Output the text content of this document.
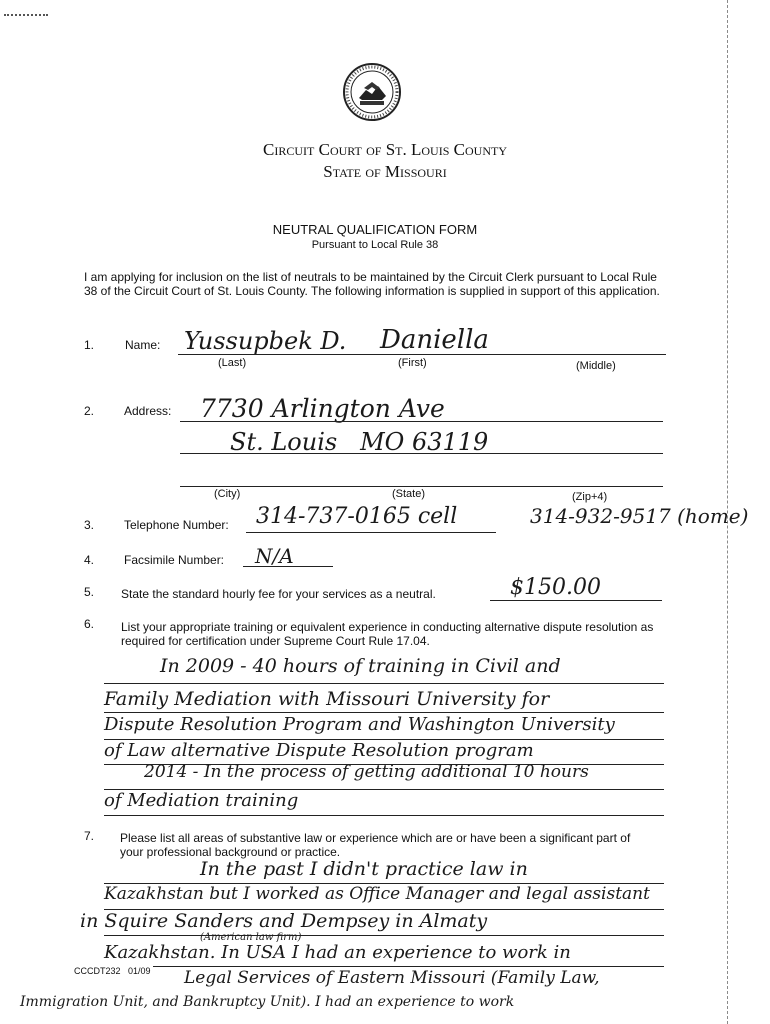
Circuit Court of St. Louis County
State of Missouri
NEUTRAL QUALIFICATION FORM
Pursuant to Local Rule 38
I am applying for inclusion on the list of neutrals to be maintained by the Circuit Clerk pursuant to Local Rule 38 of the Circuit Court of St. Louis County. The following information is supplied in support of this application.
1.	Name: Yussupbek D. Daniella
(Last)	(First)	(Middle)
2. Address: 7730 Arlington Ave
St. Louis   MO 63119
(City)	(State)	(Zip+4)
3. Telephone Number: 314-737-0165 cell	314-932-9517 (home)
4. Facsimile Number: N/A
5. State the standard hourly fee for your services as a neutral.	$150.00
6. List your appropriate training or equivalent experience in conducting alternative dispute resolution as required for certification under Supreme Court Rule 17.04.
In 2009 - 40 hours of training in Civil and
Family Mediation with Missouri University for
Dispute Resolution Program and Washington University
of Law alternative Dispute Resolution program
2014 - In the process of getting additional 10 hours
of Mediation training
7. Please list all areas of substantive law or experience which are or have been a significant part of your professional background or practice.
In the past I didn't practice law in
Kazakhstan but I worked as Office Manager and legal assistant
in Squire Sanders and Dempsey in Almaty
(American law firm)
Kazakhstan. In USA I had an experience to work in
CCCDT232   01/09 Legal Services of Eastern Missouri (Family Law,
Immigration Unit, and Bankruptcy Unit). I had an experience to work
